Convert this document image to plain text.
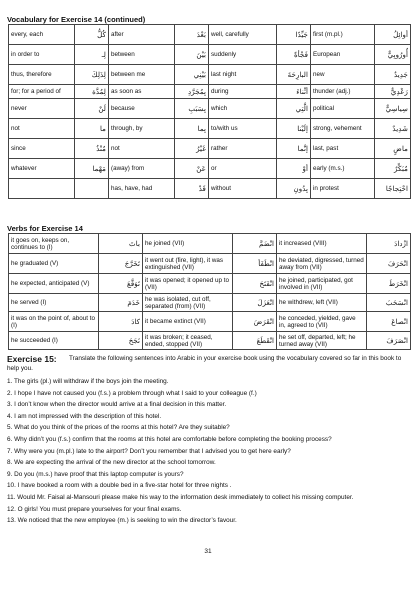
Vocabulary for Exercise 14 (continued)
every, each	كُلُّ	after	بَعْدَ	well, carefully	جَيِّدًا	first (m.pl.)	أوائِلُ
in order to	لِـ	between	بَيْنَ	suddenly	فَجْأةً	European	أُورُوبِيٌّ
thus, therefore	لِذَلِكَ	between me	بَيْنِي	last night	البارِحَةَ	new	جَدِيدٌ
for; for a period of	لِمُدَّة	as soon as	بِمُجَرَّدِ	during	أثْناءَ	thunder (adj.)	رَعْدِيٌّ
never	لَنْ	because	بِسَبَبِ	which	الَّتِي	political	سِياسِيٌّ
not	ما	through, by	بِما	to/with us	إلَيْنا	strong, vehement	شَدِيدٌ
since	مُنْذُ	not	غَيْرُ	rather	إنَّما	last, past	ماضٍ
whatever	مَهْما	(away) from	عَنْ	or	أوْ	early (m.s.)	مُبَكِّرٌ
		has, have, had	قَدْ	without	بِدُونِ	in protest	احْتِجاجًا
Verbs for Exercise 14
it goes on, keeps on, continues to (I)	باتَ	he joined (VII)	انْضَمَّ	it increased (VIII)	ازْدادَ
he graduated (V)	تَخَرَّجَ	it went out (fire, light), it was extinguished (VII)	انْطَفَأ	he deviated, digressed, turned away from (VII)	انْحَرَفَ
he expected, anticipated (V)	تَوَقَّعَ	it was opened; it opened up to (VII)	انْفَتَحَ	he joined, participated, got involved in (VII)	انْخَرَطَ
he served (I)	خَدَمَ	he was isolated, cut off, separated (from) (VII)	انْعَزَلَ	he withdrew, left (VII)	انْسَحَبَ
it was on the point of, about to (I)	كادَ	it became extinct (VII)	انْقَرَضَ	he conceded, yielded, gave in, agreed to (VII)	انْصاعَ
he succeeded (I)	نَجَحَ	it was broken; it ceased, ended, stopped (VII)	انْقَطَعَ	he set off, departed, left; he turned away (VII)	انْصَرَفَ
Exercise 15:	Translate the following sentences into Arabic in your exercise book using the vocabulary covered so far in this book to help you.
1. The girls (pl.) will withdraw if the boys join the meeting.
2. I hope I have not caused you (f.s.) a problem through what I said to your colleague (f.)
3. I don’t know when the director would arrive at a final decision in this matter.
4. I am not impressed with the description of this hotel.
5. What do you think of the prices of the rooms at this hotel? Are they suitable?
6. Why didn’t you (f.s.) confirm that the rooms at this hotel are comfortable before completing the booking process?
7. Why were you (m.pl.) late to the airport? Don’t you remember that I advised you to get here early?
8. We are expecting the arrival of the new director at the school tomorrow.
9. Do you (m.s.) have proof that this laptop computer is yours?
10. I have booked a room with a double bed in a five-star hotel for three nights .
11. Would Mr. Faisal al-Mansouri please make his way to the information desk immediately to collect his missing computer.
12. O girls! You must prepare yourselves for your final exams.
13. We noticed that the new employee (m.) is seeking to win the director’s favour.
31
